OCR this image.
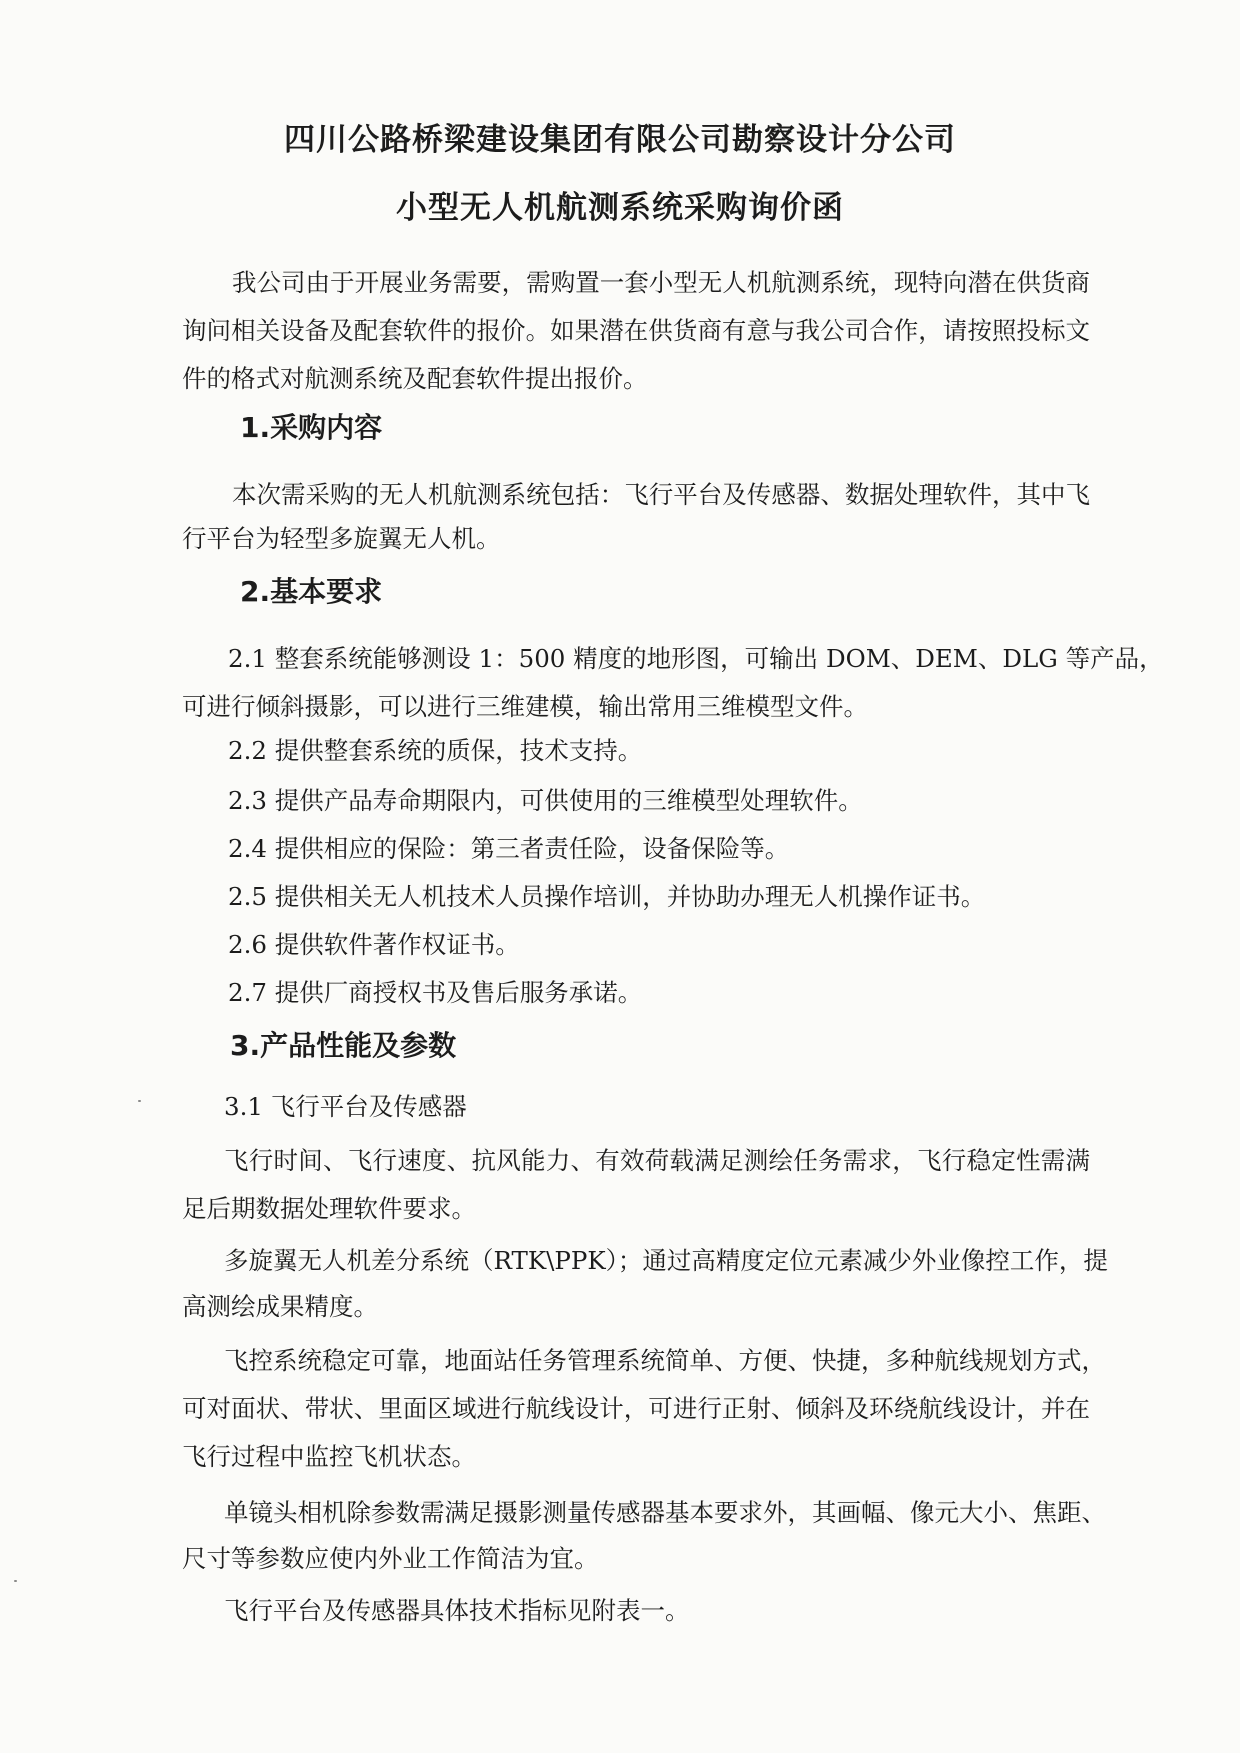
四川公路桥梁建设集团有限公司勘察设计分公司
小型无人机航测系统采购询价函

我公司由于开展业务需要，需购置一套小型无人机航测系统，现特向潜在供货商

询问相关设备及配套软件的报价。如果潜在供货商有意与我公司合作，请按照投标文

件的格式对航测系统及配套软件提出报价。

1.采购内容

本次需采购的无人机航测系统包括：飞行平台及传感器、数据处理软件，其中飞

行平台为轻型多旋翼无人机。

2.基本要求

2.1 整套系统能够测设 1：500 精度的地形图，可输出 DOM、DEM、DLG 等产品，

可进行倾斜摄影，可以进行三维建模，输出常用三维模型文件。

2.2 提供整套系统的质保，技术支持。

2.3 提供产品寿命期限内，可供使用的三维模型处理软件。

2.4 提供相应的保险：第三者责任险，设备保险等。

2.5 提供相关无人机技术人员操作培训，并协助办理无人机操作证书。

2.6 提供软件著作权证书。

2.7 提供厂商授权书及售后服务承诺。

3.产品性能及参数

3.1 飞行平台及传感器

飞行时间、飞行速度、抗风能力、有效荷载满足测绘任务需求，飞行稳定性需满

足后期数据处理软件要求。

多旋翼无人机差分系统（RTK\PPK）；通过高精度定位元素减少外业像控工作，提

高测绘成果精度。

飞控系统稳定可靠，地面站任务管理系统简单、方便、快捷，多种航线规划方式，

可对面状、带状、里面区域进行航线设计，可进行正射、倾斜及环绕航线设计，并在

飞行过程中监控飞机状态。

单镜头相机除参数需满足摄影测量传感器基本要求外，其画幅、像元大小、焦距、

尺寸等参数应使内外业工作简洁为宜。

飞行平台及传感器具体技术指标见附表一。
